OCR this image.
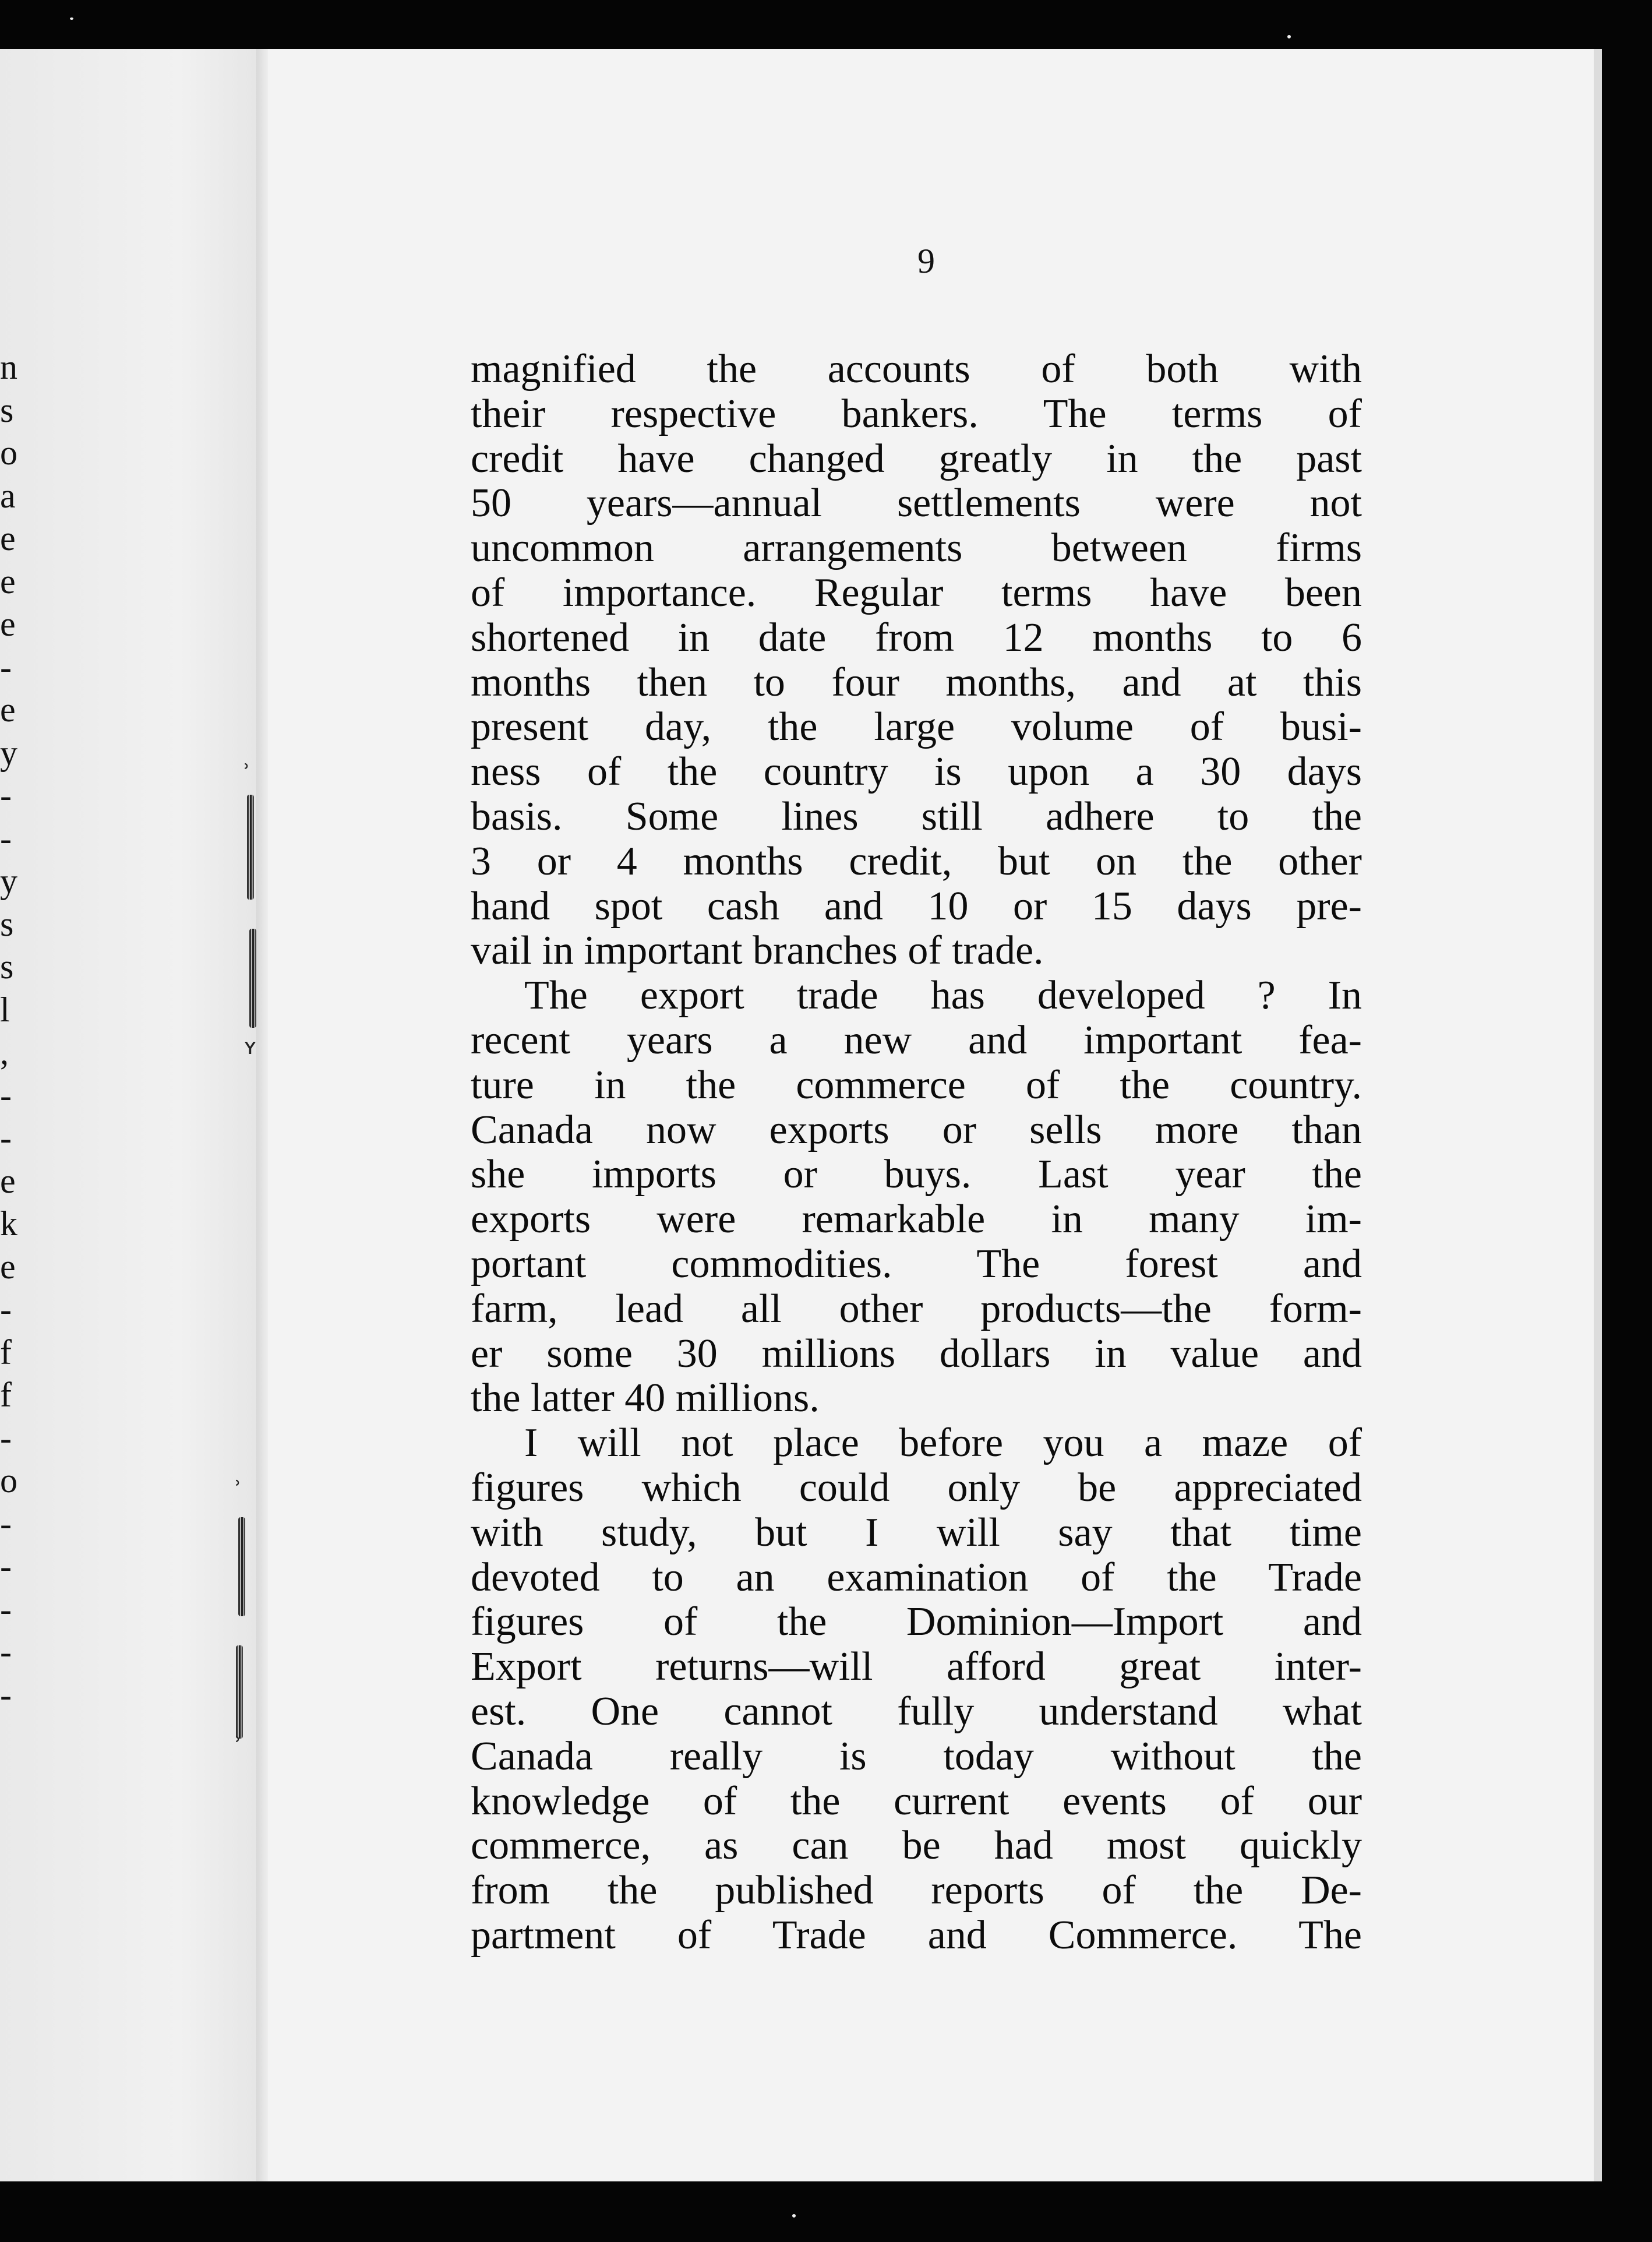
n
s
o
a
e
e
e
-
e
y
-
-
y
s
s
l
,
-
-
e
k
e
-
f
f
-
o
-
-
-
-
-
ʾ
ʏ
ʾ
ʾ
9
magnified the accounts of both with
their respective bankers. The terms of
credit have changed greatly in the past
50 years—annual settlements were not
uncommon arrangements between firms
of importance. Regular terms have been
shortened in date from 12 months to 6
months then to four months, and at this
present day, the large volume of busi-
ness of the country is upon a 30 days
basis. Some lines still adhere to the
3 or 4 months credit, but on the other
hand spot cash and 10 or 15 days pre-
vail in important branches of trade.
The export trade has developed ? In
recent years a new and important fea-
ture in the commerce of the country.
Canada now exports or sells more than
she imports or buys. Last year the
exports were remarkable in many im-
portant commodities. The forest and
farm, lead all other products—the form-
er some 30 millions dollars in value and
the latter 40 millions.
I will not place before you a maze of
figures which could only be appreciated
with study, but I will say that time
devoted to an examination of the Trade
figures of the Dominion—Import and
Export returns—will afford great inter-
est. One cannot fully understand what
Canada really is today without the
knowledge of the current events of our
commerce, as can be had most quickly
from the published reports of the De-
partment of Trade and Commerce. The
